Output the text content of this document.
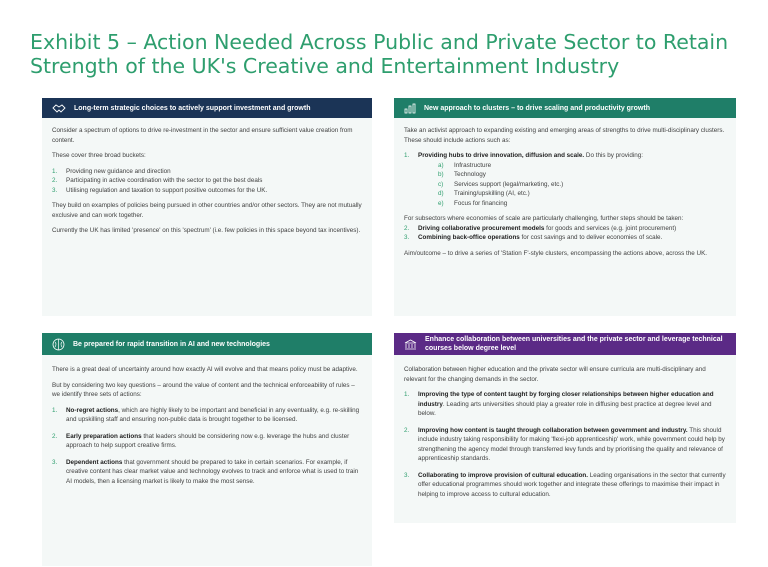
Exhibit 5 – Action Needed Across Public and Private Sector to Retain Strength of the UK's Creative and Entertainment Industry
Long-term strategic choices to actively support investment and growth

Consider a spectrum of options to drive re-investment in the sector and ensure sufficient value creation from content.

These cover three broad buckets:

1. Providing new guidance and direction
2. Participating in active coordination with the sector to get the best deals
3. Utilising regulation and taxation to support positive outcomes for the UK.

They build on examples of policies being pursued in other countries and/or other sectors. They are not mutually exclusive and can work together.

Currently the UK has limited 'presence' on this 'spectrum' (i.e. few policies in this space beyond tax incentives).

New approach to clusters – to drive scaling and productivity growth

Take an activist approach to expanding existing and emerging areas of strengths to drive multi-disciplinary clusters. These should include actions such as:

1. Providing hubs to drive innovation, diffusion and scale. Do this by providing:
a)	Infrastructure
b)	Technology
c)	Services support (legal/marketing, etc.)
d)	Training/upskilling (AI, etc.)
e)	Focus for financing

For subsectors where economies of scale are particularly challenging, further steps should be taken:

2. Driving collaborative procurement models for goods and services (e.g. joint procurement)
3. Combining back-office operations for cost savings and to deliver economies of scale.

Aim/outcome – to drive a series of 'Station F'-style clusters, encompassing the actions above, across the UK.

Be prepared for rapid transition in AI and new technologies

There is a great deal of uncertainty around how exactly AI will evolve and that means policy must be adaptive.

But by considering two key questions – around the value of content and the technical enforceability of rules – we identify three sets of actions:

1. No-regret actions, which are highly likely to be important and beneficial in any eventuality, e.g. re-skilling and upskilling staff and ensuring non-public data is brought together to be licensed.
2. Early preparation actions that leaders should be considering now e.g. leverage the hubs and cluster approach to help support creative firms.
3. Dependent actions that government should be prepared to take in certain scenarios. For example, if creative content has clear market value and technology evolves to track and enforce what is used to train AI models, then a licensing market is likely to make the most sense.
Enhance collaboration between universities and the private sector and leverage technical courses below degree level

Collaboration between higher education and the private sector will ensure curricula are multi-disciplinary and relevant for the changing demands in the sector.

1. Improving the type of content taught by forging closer relationships between higher education and industry. Leading arts universities should play a greater role in diffusing best practice at degree level and below.
2. Improving how content is taught through collaboration between government and industry. This should include industry taking responsibility for making 'flexi-job apprenticeship' work, while government could help by strengthening the agency model through transferred levy funds and by prioritising the quality and relevance of apprenticeship standards.
3. Collaborating to improve provision of cultural education. Leading organisations in the sector that currently offer educational programmes should work together and integrate these offerings to maximise their impact in helping to improve access to cultural education.
